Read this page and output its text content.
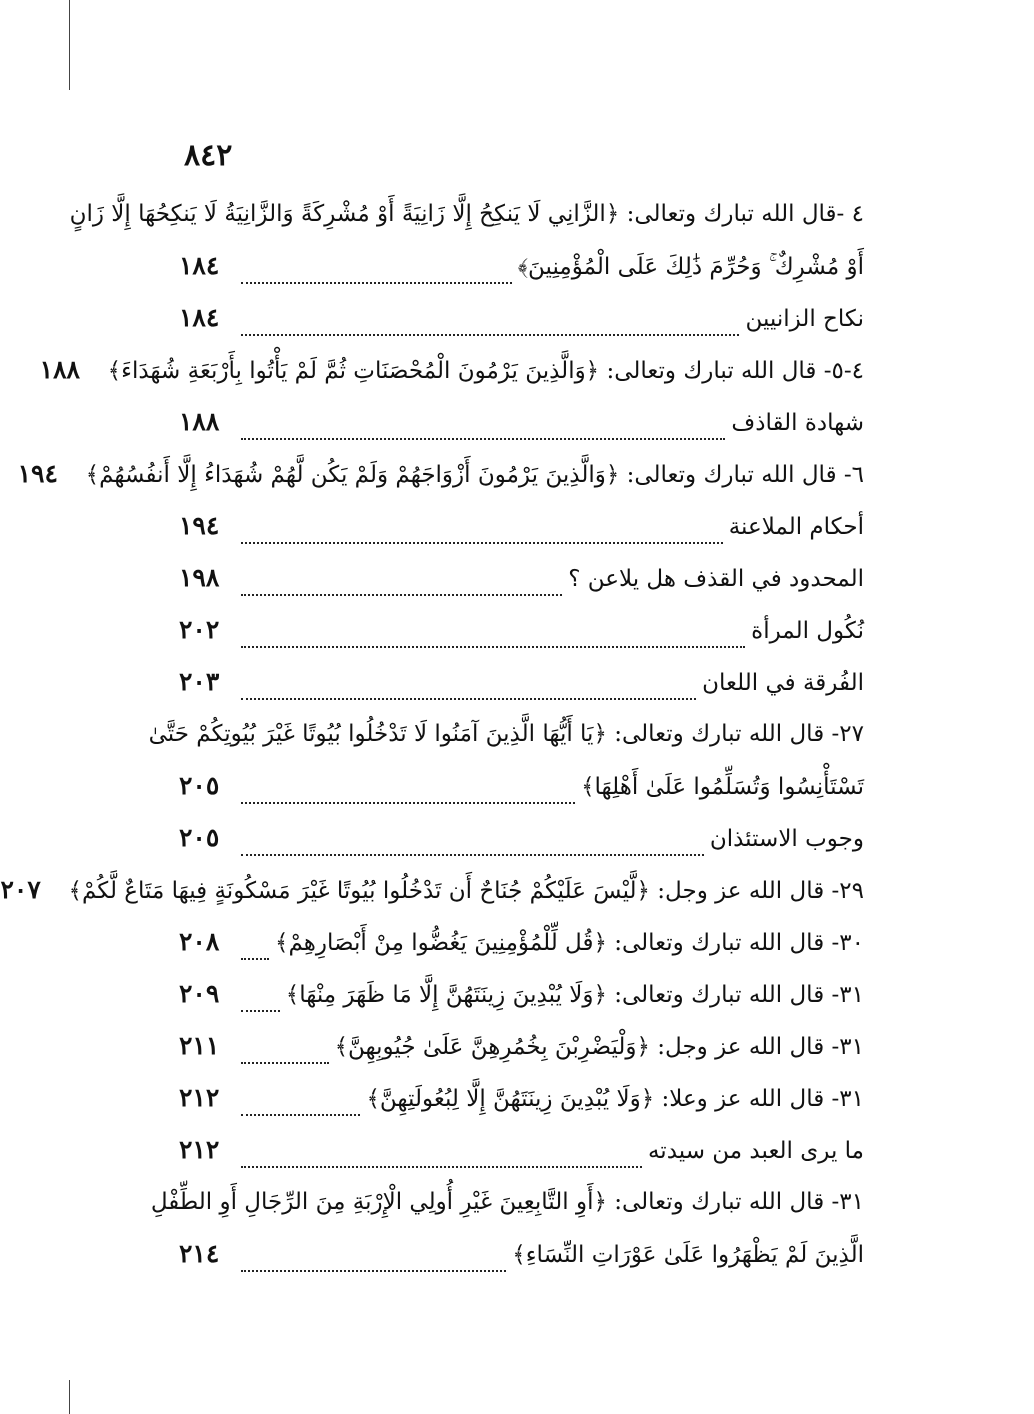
٨٤٢
٤ -قال الله تبارك وتعالى: ﴿الزَّانِي لَا يَنكِحُ إِلَّا زَانِيَةً أَوْ مُشْرِكَةً وَالزَّانِيَةُ لَا يَنكِحُهَا إِلَّا زَانٍ
أَوْ مُشْرِكٌ ۚ وَحُرِّمَ ذَٰلِكَ عَلَى الْمُؤْمِنِينَ﴾
١٨٤
نكاح الزانيين
١٨٤
٤-٥- قال الله تبارك وتعالى: ﴿وَالَّذِينَ يَرْمُونَ الْمُحْصَنَاتِ ثُمَّ لَمْ يَأْتُوا بِأَرْبَعَةِ شُهَدَاءَ﴾
١٨٨
شهادة القاذف
١٨٨
٦- قال الله تبارك وتعالى: ﴿وَالَّذِينَ يَرْمُونَ أَزْوَاجَهُمْ وَلَمْ يَكُن لَّهُمْ شُهَدَاءُ إِلَّا أَنفُسُهُمْ﴾
١٩٤
أحكام الملاعنة
١٩٤
المحدود في القذف هل يلاعن ؟
١٩٨
نُكُول المرأة
٢٠٢
الفُرقة في اللعان
٢٠٣
٢٧- قال الله تبارك وتعالى: ﴿يَا أَيُّهَا الَّذِينَ آمَنُوا لَا تَدْخُلُوا بُيُوتًا غَيْرَ بُيُوتِكُمْ حَتَّىٰ
تَسْتَأْنِسُوا وَتُسَلِّمُوا عَلَىٰ أَهْلِهَا﴾
٢٠٥
وجوب الاستئذان
٢٠٥
٢٩- قال الله عز وجل: ﴿لَّيْسَ عَلَيْكُمْ جُنَاحٌ أَن تَدْخُلُوا بُيُوتًا غَيْرَ مَسْكُونَةٍ فِيهَا مَتَاعٌ لَّكُمْ﴾
٢٠٧
٣٠- قال الله تبارك وتعالى: ﴿قُل لِّلْمُؤْمِنِينَ يَغُضُّوا مِنْ أَبْصَارِهِمْ﴾
٢٠٨
٣١- قال الله تبارك وتعالى: ﴿وَلَا يُبْدِينَ زِينَتَهُنَّ إِلَّا مَا ظَهَرَ مِنْهَا﴾
٢٠٩
٣١- قال الله عز وجل: ﴿وَلْيَضْرِبْنَ بِخُمُرِهِنَّ عَلَىٰ جُيُوبِهِنَّ﴾
٢١١
٣١- قال الله عز وعلا: ﴿وَلَا يُبْدِينَ زِينَتَهُنَّ إِلَّا لِبُعُولَتِهِنَّ﴾
٢١٢
ما يرى العبد من سيدته
٢١٢
٣١- قال الله تبارك وتعالى: ﴿أَوِ التَّابِعِينَ غَيْرِ أُولِي الْإِرْبَةِ مِنَ الرِّجَالِ أَوِ الطِّفْلِ
الَّذِينَ لَمْ يَظْهَرُوا عَلَىٰ عَوْرَاتِ النِّسَاءِ﴾
٢١٤
